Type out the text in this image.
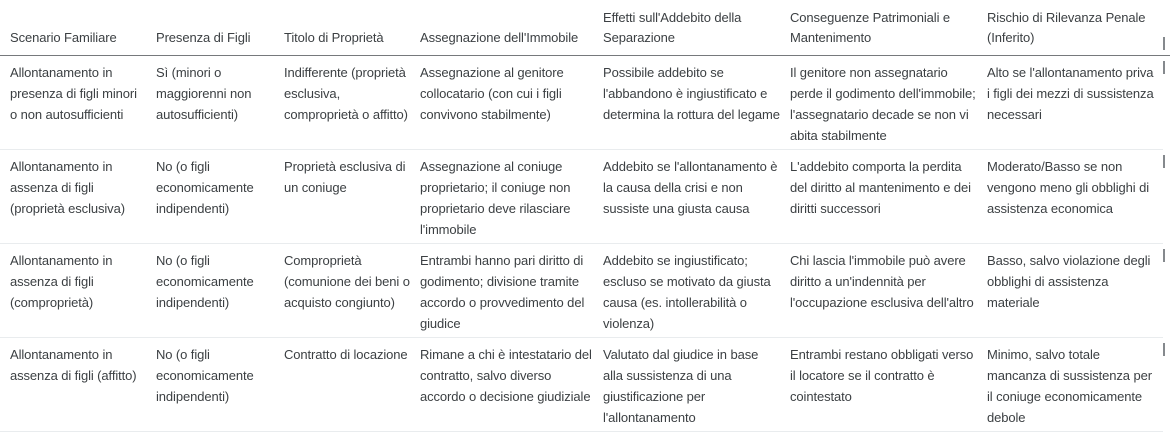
Scenario Familiare	Presenza di Figli	Titolo di Proprietà	Assegnazione dell'Immobile	Effetti sull'Addebito della Separazione	Conseguenze Patrimoniali e Mantenimento	Rischio di Rilevanza Penale (Inferito)	

Allontanamento in presenza di figli minori o non autosufficienti	Sì (minori o maggiorenni non autosufficienti)	Indifferente (proprietà esclusiva, comproprietà o affitto)	Assegnazione al genitore collocatario (con cui i figli convivono stabilmente)	Possibile addebito se l'abbandono è ingiustificato e determina la rottura del legame	Il genitore non assegnatario perde il godimento dell'immobile; l'assegnatario decade se non vi abita stabilmente	Alto se l'allontanamento priva i figli dei mezzi di sussistenza necessari	

Allontanamento in assenza di figli (proprietà esclusiva)	No (o figli economicamente indipendenti)	Proprietà esclusiva di un coniuge	Assegnazione al coniuge proprietario; il coniuge non proprietario deve rilasciare l'immobile	Addebito se l'allontanamento è la causa della crisi e non sussiste una giusta causa	L'addebito comporta la perdita del diritto al mantenimento e dei diritti successori	Moderato/Basso se non vengono meno gli obblighi di assistenza economica	

Allontanamento in assenza di figli (comproprietà)	No (o figli economicamente indipendenti)	Comproprietà (comunione dei beni o acquisto congiunto)	Entrambi hanno pari diritto di godimento; divisione tramite accordo o provvedimento del giudice	Addebito se ingiustificato; escluso se motivato da giusta causa (es. intollerabilità o violenza)	Chi lascia l'immobile può avere diritto a un'indennità per l'occupazione esclusiva dell'altro	Basso, salvo violazione degli obblighi di assistenza materiale	

Allontanamento in assenza di figli (affitto)	No (o figli economicamente indipendenti)	Contratto di locazione	Rimane a chi è intestatario del contratto, salvo diverso accordo o decisione giudiziale	Valutato dal giudice in base alla sussistenza di una giustificazione per l'allontanamento	Entrambi restano obbligati verso il locatore se il contratto è cointestato	Minimo, salvo totale mancanza di sussistenza per il coniuge economicamente debole	
